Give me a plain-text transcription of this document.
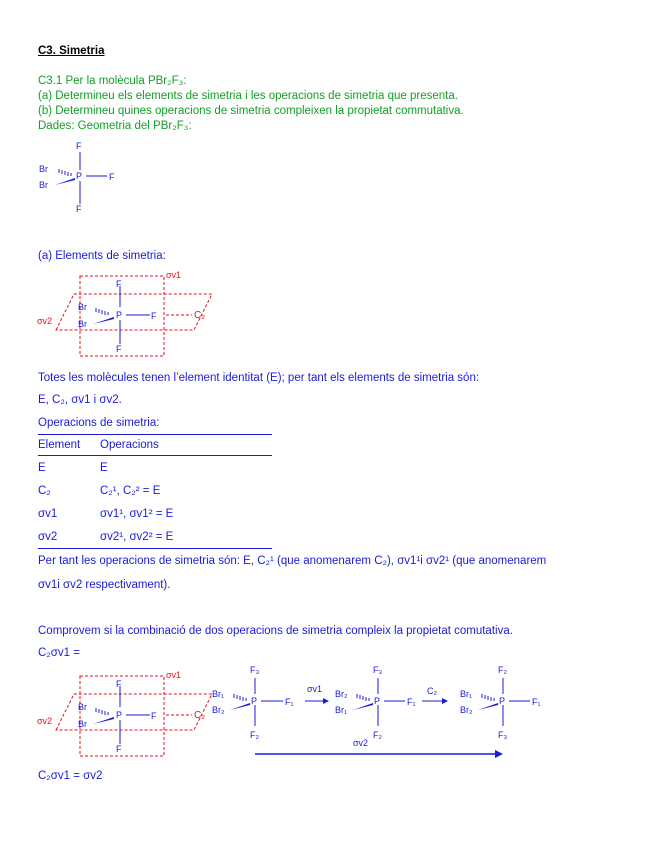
C3. Simetria
C3.1 Per la molècula PBr₂F₃:
(a) Determineu els elements de simetria i les operacions de simetria que presenta.
(b) Determineu quines operacions de simetria compleixen la propietat commutativa.
Dades: Geometria del PBr₂F₃:
F
P	F
F
Br
Br
(a) Elements de simetria:
F
P	F
F
Br
Br
σv1
σv2	C₂
Totes les molècules tenen l’element identitat (E); per tant els elements de simetria són:
E, C₂, σv1 i σv2.
Operacions de simetria:
Element	Operacions
E	E
C₂	C₂¹, C₂² = E
σv1	σv1¹, σv1² = E
σv2	σv2¹, σv2² = E
Per tant les operacions de simetria són: E, C₂¹ (que anomenarem C₂), σv1¹i σv2¹ (que anomenarem
σv1i σv2 respectivament).
Comprovem si la combinació de dos operacions de simetria compleix la propietat comutativa.
C₂σv1 =
F
P	F
F
Br
Br
σv1
σv2	C₂
F₃
P	F₁
F₂
Br₁
Br₂
σv1
F₃
P	F₁
F₂
Br₂
Br₁
C₂
F₂
P	F₁
F₃
Br₁
Br₂
σv2
C₂σv1 = σv2
